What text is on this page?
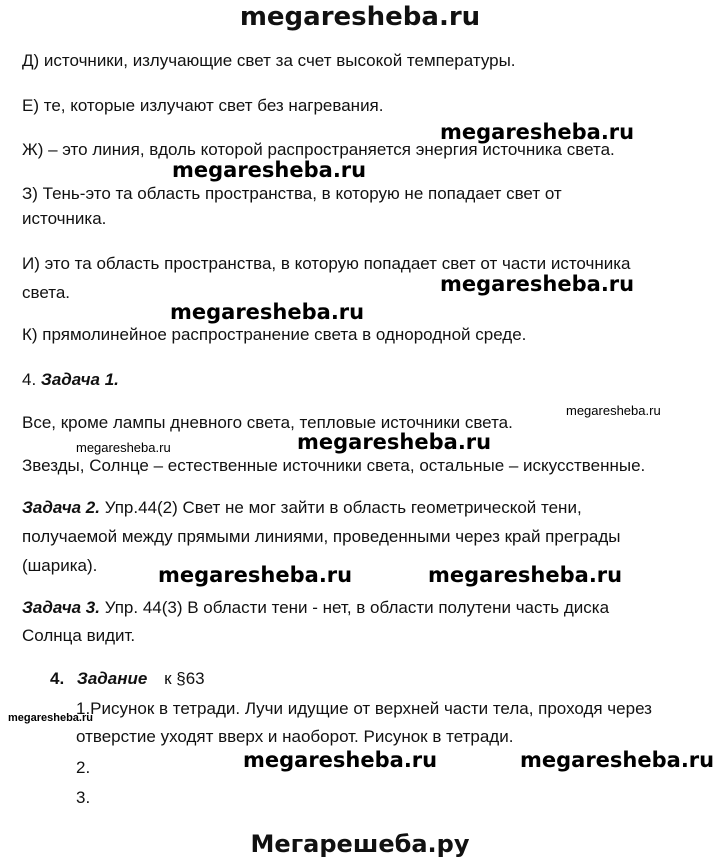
megaresheba.ru
Д) источники, излучающие свет за счет высокой температуры.
Е) те, которые излучают свет без нагревания.
Ж) – это линия, вдоль которой распространяется энергия источника света.
З) Тень-это та область пространства, в которую не попадает свет от
источника.
И) это та область пространства, в которую попадает свет от части источника
света.
К) прямолинейное распространение света в однородной среде.
4. Задача 1.
Все, кроме лампы дневного света, тепловые источники света.
Звезды, Солнце – естественные источники света, остальные – искусственные.
Задача 2. Упр.44(2) Свет не мог зайти в область геометрической тени,
получаемой между прямыми линиями, проведенными через край преграды
(шарика).
Задача 3. Упр. 44(3) В области тени - нет, в области полутени часть диска
Солнца видит.
4. Задание к §63
1.Рисунок в тетради. Лучи идущие от верхней части тела, проходя через
отверстие уходят вверх и наоборот. Рисунок в тетради.
2.
3.
megaresheba.ru
megaresheba.ru
megaresheba.ru
megaresheba.ru
megaresheba.ru
megaresheba.ru	megaresheba.ru
megaresheba.ru	megaresheba.ru
megaresheba.ru
megaresheba.ru	megaresheba.ru
Мегарешеба.ру
